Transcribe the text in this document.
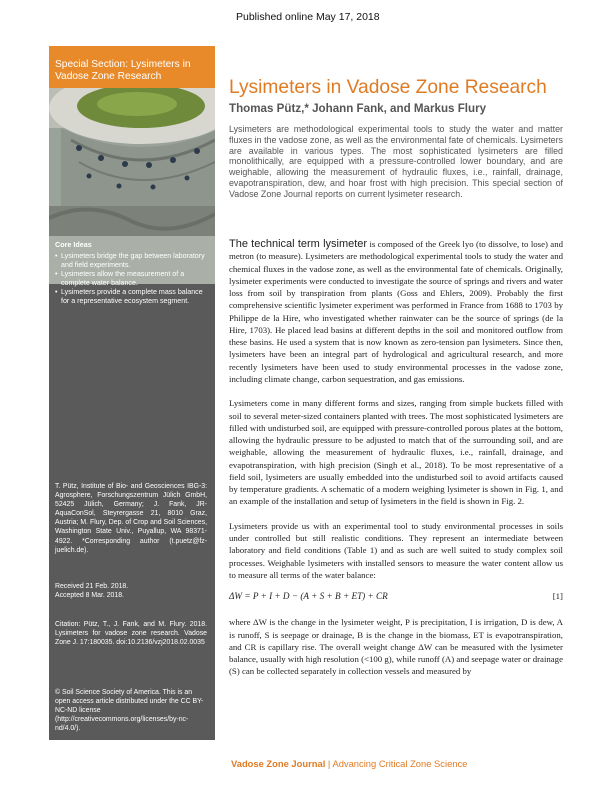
Published online May 17, 2018
Special Section: Lysimeters in Vadose Zone Research
Core Ideas
• Lysimeters bridge the gap between laboratory and field experiments.
• Lysimeters allow the measurement of a complete water balance.
• Lysimeters provide a complete mass balance for a representative ecosystem segment.
T. Pütz, Institute of Bio- and Geosciences IBG-3: Agrosphere, Forschungszentrum Jülich GmbH, 52425 Jülich, Germany; J. Fank, JR-AquaConSol, Steyrergasse 21, 8010 Graz, Austria; M. Flury, Dep. of Crop and Soil Sciences, Washington State Univ., Puyallup, WA 98371-4922. *Corresponding author (t.puetz@fz-juelich.de).
Received 21 Feb. 2018.
Accepted 8 Mar. 2018.
Citation: Pütz, T., J. Fank, and M. Flury. 2018. Lysimeters for vadose zone research. Vadose Zone J. 17:180035. doi:10.2136/vzj2018.02.0035
© Soil Science Society of America. This is an open access article distributed under the CC BY-NC-ND license (http://creativecommons.org/licenses/by-nc-nd/4.0/).
Lysimeters in Vadose Zone Research
Thomas Pütz,* Johann Fank, and Markus Flury
Lysimeters are methodological experimental tools to study the water and matter fluxes in the vadose zone, as well as the environmental fate of chemicals. Lysimeters are available in various types. The most sophisticated lysimeters are filled monolithically, are equipped with a pressure-controlled lower boundary, and are weighable, allowing the measurement of hydraulic fluxes, i.e., rainfall, drainage, evapotranspiration, dew, and hoar frost with high precision. This special section of Vadose Zone Journal reports on current lysimeter research.

The technical term lysimeter is composed of the Greek lyo (to dissolve, to lose) and metron (to measure). Lysimeters are methodological experimental tools to study the water and chemical fluxes in the vadose zone, as well as the environmental fate of chemicals. Originally, lysimeter experiments were conducted to investigate the source of springs and rivers and water loss from soil by transpiration from plants (Goss and Ehlers, 2009). Probably the first comprehensive scientific lysimeter experiment was performed in France from 1688 to 1703 by Philippe de la Hire, who investigated whether rainwater can be the source of springs (de la Hire, 1703). He placed lead basins at different depths in the soil and monitored outflow from these basins. He used a system that is now known as zero-tension pan lysimeters. Since then, lysimeters have been an integral part of hydrological and agricultural research, and more recently lysimeters have been used to study environmental processes in the vadose zone, including climate change, carbon sequestration, and gas emissions.

Lysimeters come in many different forms and sizes, ranging from simple buckets filled with soil to several meter-sized containers planted with trees. The most sophisticated lysimeters are filled with undisturbed soil, are equipped with pressure-controlled porous plates at the bottom, allowing the hydraulic pressure to be adjusted to match that of the surrounding soil, and are weighable, allowing the measurement of hydraulic fluxes, i.e., rainfall, drainage, and evapotranspiration, with high precision (Singh et al., 2018). To be most representative of a field soil, lysimeters are usually embedded into the undisturbed soil to avoid artifacts caused by temperature gradients. A schematic of a modern weighing lysimeter is shown in Fig. 1, and an example of the installation and setup of lysimeters in the field is shown in Fig. 2.

Lysimeters provide us with an experimental tool to study environmental processes in soils under controlled but still realistic conditions. They represent an intermediate between laboratory and field conditions (Table 1) and as such are well suited to study complex soil processes. Weighable lysimeters with installed sensors to measure the water content allow us to measure all terms of the water balance:

ΔW = P + I + D − (A + S + B + ET) + CR	[1]

where ΔW is the change in the lysimeter weight, P is precipitation, I is irrigation, D is dew, A is runoff, S is seepage or drainage, B is the change in the biomass, ET is evapotranspiration, and CR is capillary rise. The overall weight change ΔW can be measured with the lysimeter balance, usually with high resolution (<100 g), while runoff (A) and seepage water or drainage (S) can be collected separately in collection vessels and measured by

Vadose Zone Journal | Advancing Critical Zone Science
